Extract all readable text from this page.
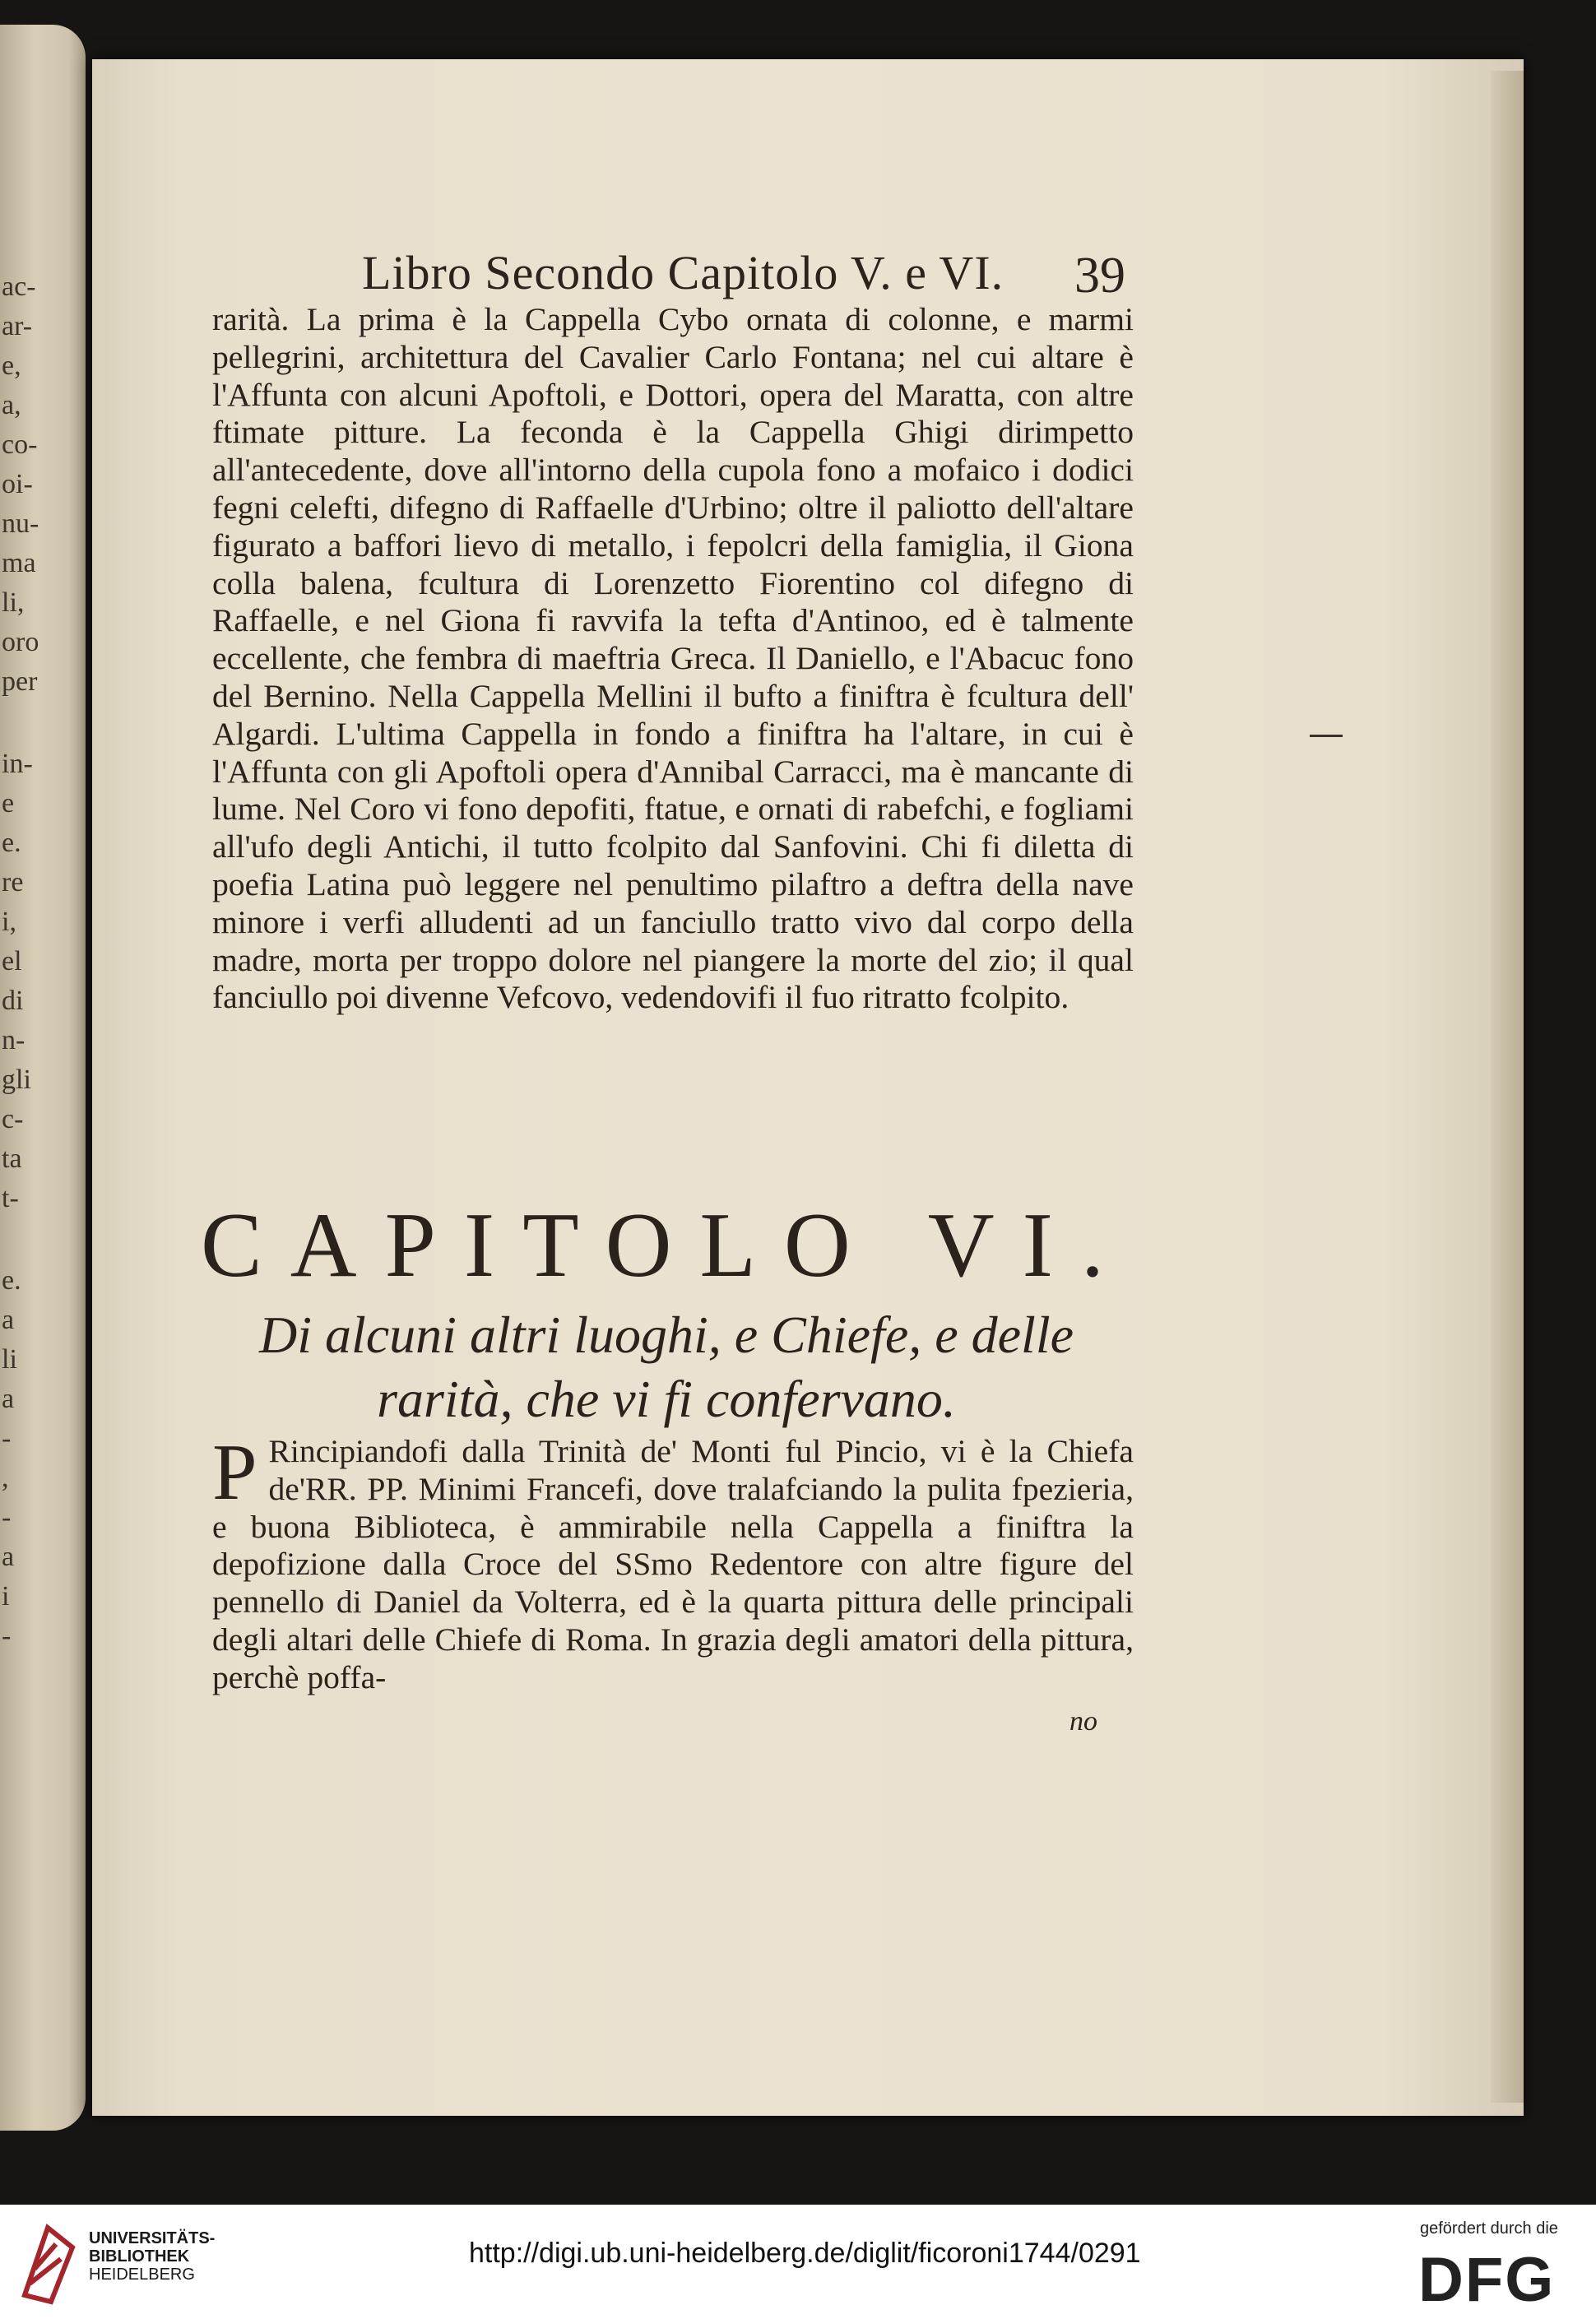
ac-
ar-
e,
a,
co-
oi-
nu-
ma
li,
oro
per
in-
e
e.
re
i,
el
di
n-
gli
c-
ta
t-
e.
a
li
a
-
,
-
a
i
-
Libro Secondo Capitolo V. e VI. 39
rarità. La prima è la Cappella Cybo ornata di colonne, e marmi pellegrini, architettura del Cavalier Carlo Fontana; nel cui altare è l'Affunta con alcuni Apoftoli, e Dottori, opera del Maratta, con altre ftimate pitture. La feconda è la Cappella Ghigi dirimpetto all'antecedente, dove all'intorno della cupola fono a mofaico i dodici fegni celefti, difegno di Raffaelle d'Urbino; oltre il paliotto dell'altare figurato a baffori lievo di metallo, i fepolcri della famiglia, il Giona colla balena, fcultura di Lorenzetto Fiorentino col difegno di Raffaelle, e nel Giona fi ravvifa la tefta d'Antinoo, ed è talmente eccellente, che fembra di maeftria Greca. Il Daniello, e l'Abacuc fono del Bernino. Nella Cappella Mellini il bufto a finiftra è fcultura dell' Algardi. L'ultima Cappella in fondo a finiftra ha l'altare, in cui è l'Affunta con gli Apoftoli opera d'Annibal Carracci, ma è mancante di lume. Nel Coro vi fono depofiti, ftatue, e ornati di rabefchi, e fogliami all'ufo degli Antichi, il tutto fcolpito dal Sanfovini. Chi fi diletta di poefia Latina può leggere nel penultimo pilaftro a deftra della nave minore i verfi alludenti ad un fanciullo tratto vivo dal corpo della madre, morta per troppo dolore nel piangere la morte del zio; il qual fanciullo poi divenne Vefcovo, vedendovifi il fuo ritratto fcolpito.
CAPITOLO VI.
Di alcuni altri luoghi, e Chiefe, e delle rarità, che vi fi confervano.
P Rincipiandofi dalla Trinità de' Monti ful Pincio, vi è la Chiefa de'RR. PP. Minimi Francefi, dove tralafciando la pulita fpezieria, e buona Biblioteca, è ammirabile nella Cappella a finiftra la depofizione dalla Croce del SSmo Redentore con altre figure del pennello di Daniel da Volterra, ed è la quarta pittura delle principali degli altari delle Chiefe di Roma. In grazia degli amatori della pittura, perchè poffa-
no
UNIVERSITÄTS-
BIBLIOTHEK
HEIDELBERG
http://digi.ub.uni-heidelberg.de/diglit/ficoroni1744/0291
gefördert durch die
DFG
